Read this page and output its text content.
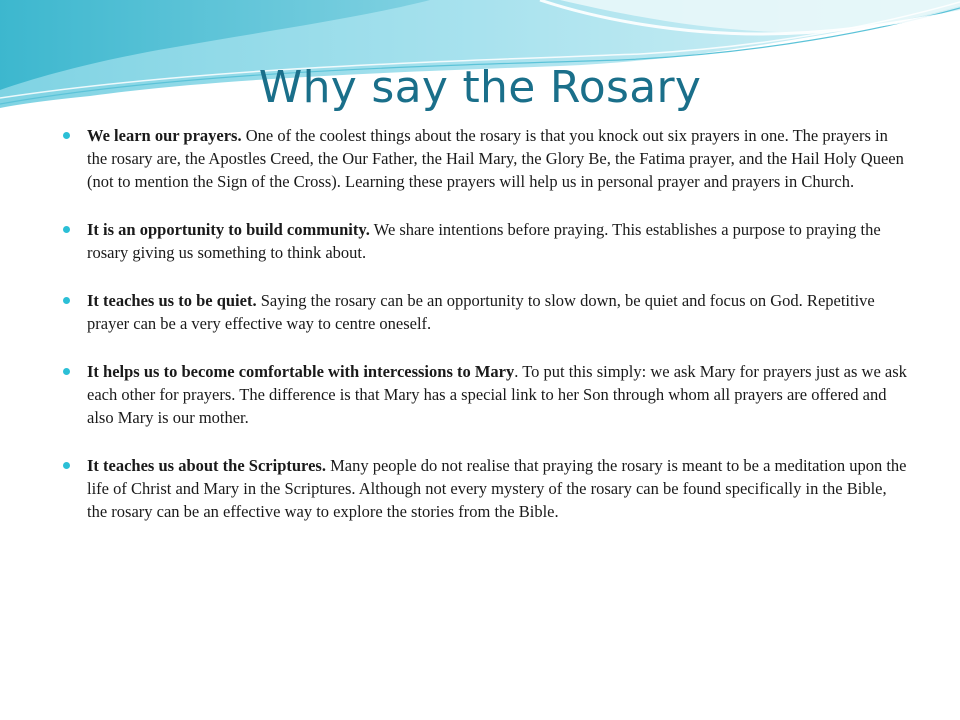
Why say the Rosary
We learn our prayers. One of the coolest things about the rosary is that you knock out six prayers in one. The prayers in the rosary are, the Apostles Creed, the Our Father, the Hail Mary, the Glory Be, the Fatima prayer, and the Hail Holy Queen (not to mention the Sign of the Cross). Learning these prayers will help us in personal prayer and prayers in Church.
It is an opportunity to build community. We share intentions before praying. This establishes a purpose to praying the rosary giving us something to think about.
It teaches us to be quiet. Saying the rosary can be an opportunity to slow down, be quiet and focus on God. Repetitive prayer can be a very effective way to centre oneself.
It helps us to become comfortable with intercessions to Mary. To put this simply: we ask Mary for prayers just as we ask each other for prayers. The difference is that Mary has a special link to her Son through whom all prayers are offered and also Mary is our mother.
It teaches us about the Scriptures. Many people do not realise that praying the rosary is meant to be a meditation upon the life of Christ and Mary in the Scriptures. Although not every mystery of the rosary can be found specifically in the Bible, the rosary can be an effective way to explore the stories from the Bible.
